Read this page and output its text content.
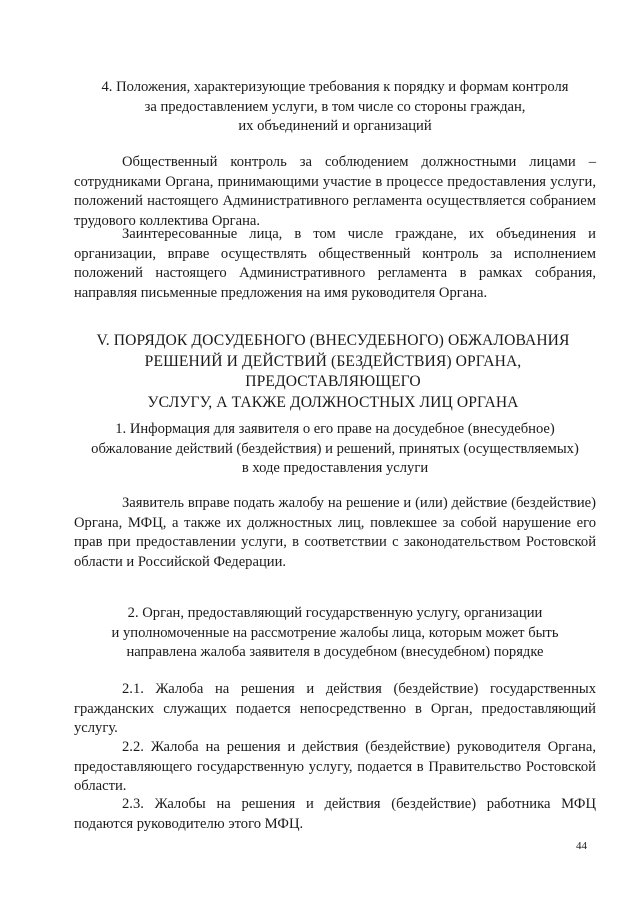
4. Положения, характеризующие требования к порядку и формам контроля
за предоставлением услуги, в том числе со стороны граждан,
их объединений и организаций

Общественный контроль за соблюдением должностными лицами – сотрудниками Органа, принимающими участие в процессе предоставления услуги, положений настоящего Административного регламента осуществляется собранием трудового коллектива Органа.

Заинтересованные лица, в том числе граждане, их объединения и организации, вправе осуществлять общественный контроль за исполнением положений настоящего Административного регламента в рамках собрания, направляя письменные предложения на имя руководителя Органа.

V. ПОРЯДОК ДОСУДЕБНОГО (ВНЕСУДЕБНОГО) ОБЖАЛОВАНИЯ
РЕШЕНИЙ И ДЕЙСТВИЙ (БЕЗДЕЙСТВИЯ) ОРГАНА, ПРЕДОСТАВЛЯЮЩЕГО
УСЛУГУ, А ТАКЖЕ ДОЛЖНОСТНЫХ ЛИЦ ОРГАНА
1. Информация для заявителя о его праве на досудебное (внесудебное)
обжалование действий (бездействия) и решений, принятых (осуществляемых)
в ходе предоставления услуги

Заявитель вправе подать жалобу на решение и (или) действие (бездействие) Органа, МФЦ, а также их должностных лиц, повлекшее за собой нарушение его прав при предоставлении услуги, в соответствии с законодательством Ростовской области и Российской Федерации.

2. Орган, предоставляющий государственную услугу, организации
и уполномоченные на рассмотрение жалобы лица, которым может быть
направлена жалоба заявителя в досудебном (внесудебном) порядке

2.1. Жалоба на решения и действия (бездействие) государственных гражданских служащих подается непосредственно в Орган, предоставляющий услугу.

2.2. Жалоба на решения и действия (бездействие) руководителя Органа, предоставляющего государственную услугу, подается в Правительство Ростовской области.

2.3. Жалобы на решения и действия (бездействие) работника МФЦ подаются руководителю этого МФЦ.

44
